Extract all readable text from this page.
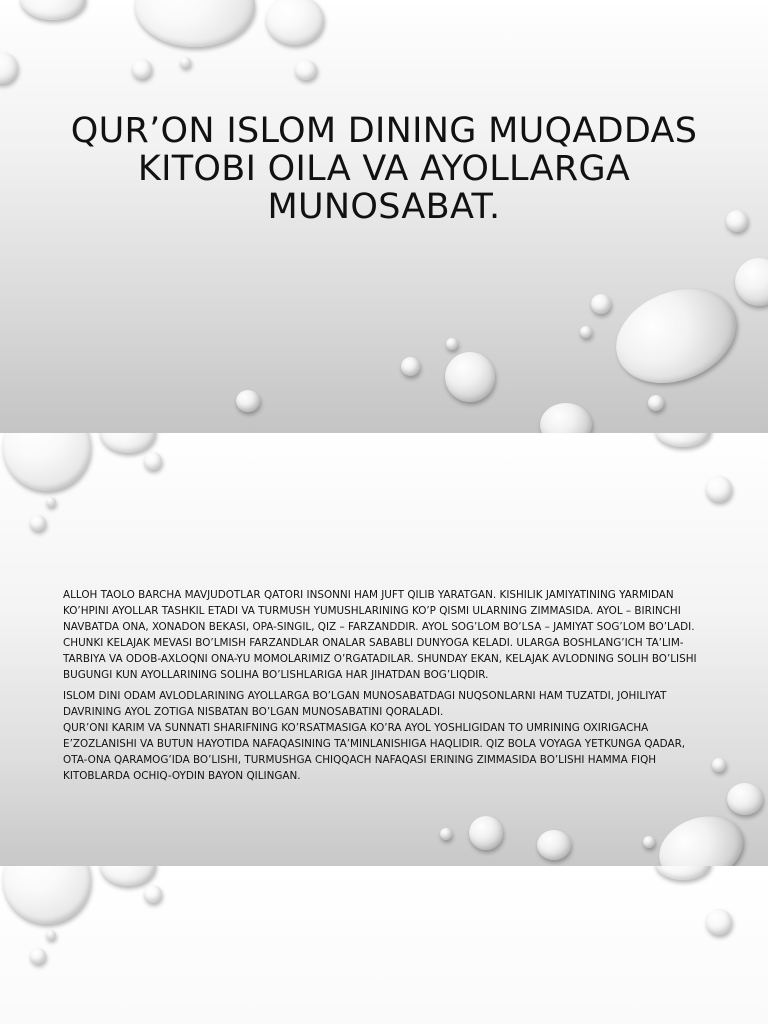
QUR’ON ISLOM DINING MUQADDAS KITOBI OILA VA AYOLLARGA MUNOSABAT.

ALLOH TAOLO BARCHA MAVJUDOTLAR QATORI INSONNI HAM JUFT QILIB YARATGAN. KISHILIK JAMIYATINING YARMIDAN KO’HPINI AYOLLAR TASHKIL ETADI VA TURMUSH YUMUSHLARINING KO’P QISMI ULARNING ZIMMASIDA. AYOL – BIRINCHI NAVBATDA ONA, XONADON BEKASI, OPA-SINGIL, QIZ – FARZANDDIR. AYOL SOG’LOM BO’LSA – JAMIYAT SOG’LOM BO’LADI. CHUNKI KELAJAK MEVASI BO’LMISH FARZANDLAR ONALAR SABABLI DUNYOGA KELADI. ULARGA BOSHLANG’ICH TA’LIM-TARBIYA VA ODOB-AXLOQNI ONA-YU MOMOLARIMIZ O’RGATADILAR. SHUNDAY EKAN, KELAJAK AVLODNING SOLIH BO’LISHI BUGUNGI KUN AYOLLARINING SOLIHA BO’LISHLARIGA HAR JIHATDAN BOG’LIQDIR.

ISLOM DINI ODAM AVLODLARINING AYOLLARGA BO’LGAN MUNOSABATDAGI NUQSONLARNI HAM TUZATDI, JOHILIYAT DAVRINING AYOL ZOTIGA NISBATAN BO’LGAN MUNOSABATINI QORALADI.

QUR’ONI KARIM VA SUNNATI SHARIFNING KO’RSATMASIGA KO’RA AYOL YOSHLIGIDAN TO UMRINING OXIRIGACHA E’ZOZLANISHI VA BUTUN HAYOTIDA NAFAQASINING TA’MINLANISHIGA HAQLIDIR. QIZ BOLA VOYAGA YETKUNGA QADAR, OTA-ONA QARAMOG’IDA BO’LISHI, TURMUSHGA CHIQQACH NAFAQASI ERINING ZIMMASIDA BO’LISHI HAMMA FIQH KITOBLARDA OCHIQ-OYDIN BAYON QILINGAN.
